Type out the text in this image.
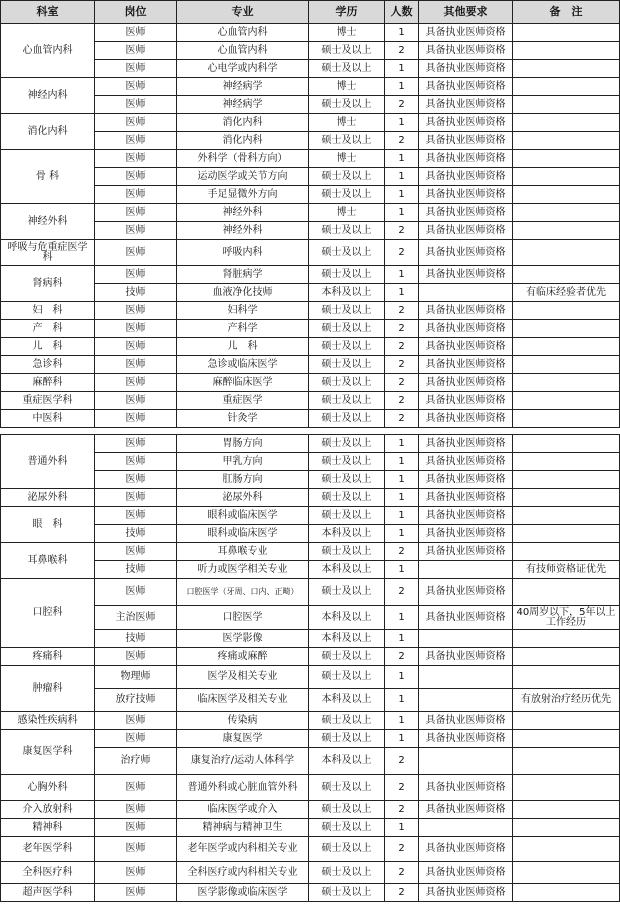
科室	岗位	专业	学历	人数	其他要求	备　注
心血管内科	医师	心血管内科	博士	1	具备执业医师资格	
	医师	心血管内科	硕士及以上	2	具备执业医师资格	
	医师	心电学或内科学	硕士及以上	1	具备执业医师资格	
神经内科	医师	神经病学	博士	1	具备执业医师资格	
	医师	神经病学	硕士及以上	2	具备执业医师资格	
消化内科	医师	消化内科	博士	1	具备执业医师资格	
	医师	消化内科	硕士及以上	2	具备执业医师资格	
骨 科	医师	外科学（骨科方向）	博士	1	具备执业医师资格	
	医师	运动医学或关节方向	硕士及以上	1	具备执业医师资格	
	医师	手足显微外方向	硕士及以上	1	具备执业医师资格	
神经外科	医师	神经外科	博士	1	具备执业医师资格	
	医师	神经外科	硕士及以上	2	具备执业医师资格	
呼吸与危重症医学科	医师	呼吸内科	硕士及以上	2	具备执业医师资格	
肾病科	医师	肾脏病学	硕士及以上	1	具备执业医师资格	
	技师	血液净化技师	本科及以上	1		有临床经验者优先
妇　科	医师	妇科学	硕士及以上	2	具备执业医师资格	
产　科	医师	产科学	硕士及以上	2	具备执业医师资格	
儿　科	医师	儿　科	硕士及以上	2	具备执业医师资格	
急诊科	医师	急诊或临床医学	硕士及以上	2	具备执业医师资格	
麻醉科	医师	麻醉临床医学	硕士及以上	2	具备执业医师资格	
重症医学科	医师	重症医学	硕士及以上	2	具备执业医师资格	
中医科	医师	针灸学	硕士及以上	2	具备执业医师资格	

普通外科	医师	胃肠方向	硕士及以上	1	具备执业医师资格	
	医师	甲乳方向	硕士及以上	1	具备执业医师资格	
	医师	肛肠方向	硕士及以上	1	具备执业医师资格	
泌尿外科	医师	泌尿外科	硕士及以上	1	具备执业医师资格	
眼　科	医师	眼科或临床医学	硕士及以上	1	具备执业医师资格	
	技师	眼科或临床医学	本科及以上	1	具备执业医师资格	
耳鼻喉科	医师	耳鼻喉专业	硕士及以上	2	具备执业医师资格	
	技师	听力或医学相关专业	本科及以上	1		有技师资格证优先
口腔科	医师	口腔医学（牙周、口内、正畸）	硕士及以上	2	具备执业医师资格	
	主治医师	口腔医学	本科及以上	1	具备执业医师资格	40周岁以下，5年以上工作经历
	技师	医学影像	本科及以上	1		
疼痛科	医师	疼痛或麻醉	硕士及以上	2	具备执业医师资格	
肿瘤科	物理师	医学及相关专业	硕士及以上	1		
	放疗技师	临床医学及相关专业	本科及以上	1		有放射治疗经历优先
感染性疾病科	医师	传染病	硕士及以上	1	具备执业医师资格	
康复医学科	医师	康复医学	硕士及以上	1	具备执业医师资格	
	治疗师	康复治疗/运动人体科学	本科及以上	2		
心胸外科	医师	普通外科或心脏血管外科	硕士及以上	2	具备执业医师资格	
介入放射科	医师	临床医学或介入	硕士及以上	2	具备执业医师资格	
精神科	医师	精神病与精神卫生	硕士及以上	1		
老年医学科	医师	老年医学或内科相关专业	硕士及以上	2	具备执业医师资格	
全科医疗科	医师	全科医疗或内科相关专业	硕士及以上	2	具备执业医师资格	
超声医学科	医师	医学影像或临床医学	硕士及以上	2	具备执业医师资格	
